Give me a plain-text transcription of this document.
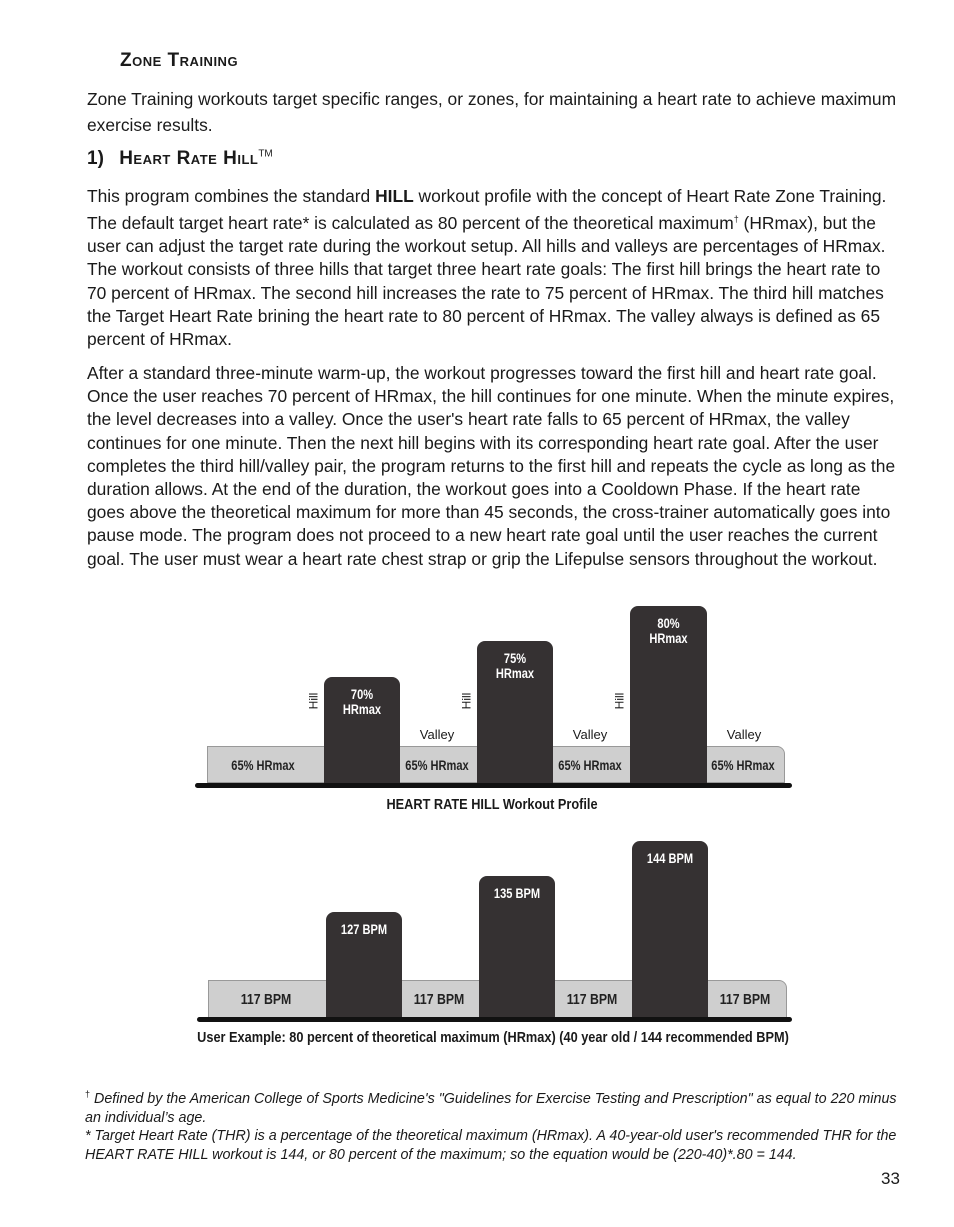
Zone Training
Zone Training workouts target specific ranges, or zones, for maintaining a heart rate to achieve maximum exercise results.
1) Heart Rate Hill™
This program combines the standard HILL workout profile with the concept of Heart Rate Zone Training. The default target heart rate* is calculated as 80 percent of the theoretical maximum† (HRmax), but the user can adjust the target rate during the workout setup. All hills and valleys are percentages of HRmax. The workout consists of three hills that target three heart rate goals: The first hill brings the heart rate to 70 percent of HRmax. The second hill increases the rate to 75 percent of HRmax. The third hill matches the Target Heart Rate brining the heart rate to 80 percent of HRmax. The valley always is defined as 65 percent of HRmax.
After a standard three-minute warm-up, the workout progresses toward the first hill and heart rate goal. Once the user reaches 70 percent of HRmax, the hill continues for one minute. When the minute expires, the level decreases into a valley. Once the user's heart rate falls to 65 percent of HRmax, the valley continues for one minute. Then the next hill begins with its corresponding heart rate goal. After the user completes the third hill/valley pair, the program returns to the first hill and repeats the cycle as long as the duration allows. At the end of the duration, the workout goes into a Cooldown Phase. If the heart rate goes above the theoretical maximum for more than 45 seconds, the cross-trainer automatically goes into pause mode. The program does not proceed to a new heart rate goal until the user reaches the current goal. The user must wear a heart rate chest strap or grip the Lifepulse sensors throughout the workout.
70% HRmax
75% HRmax
80% HRmax
65% HRmax	65% HRmax	65% HRmax	65% HRmax
Valley	Valley	Valley
Hill	Hill	Hill
HEART RATE HILL Workout Profile
127 BPM
135 BPM
144 BPM
117 BPM	117 BPM	117 BPM	117 BPM
User Example: 80 percent of theoretical maximum (HRmax) (40 year old / 144 recommended BPM)
† Defined by the American College of Sports Medicine's "Guidelines for Exercise Testing and Prescription" as equal to 220 minus an individual’s age.
* Target Heart Rate (THR) is a percentage of the theoretical maximum (HRmax). A 40-year-old user's recommended THR for the HEART RATE HILL workout is 144, or 80 percent of the maximum; so the equation would be (220-40)*.80 = 144.
33
